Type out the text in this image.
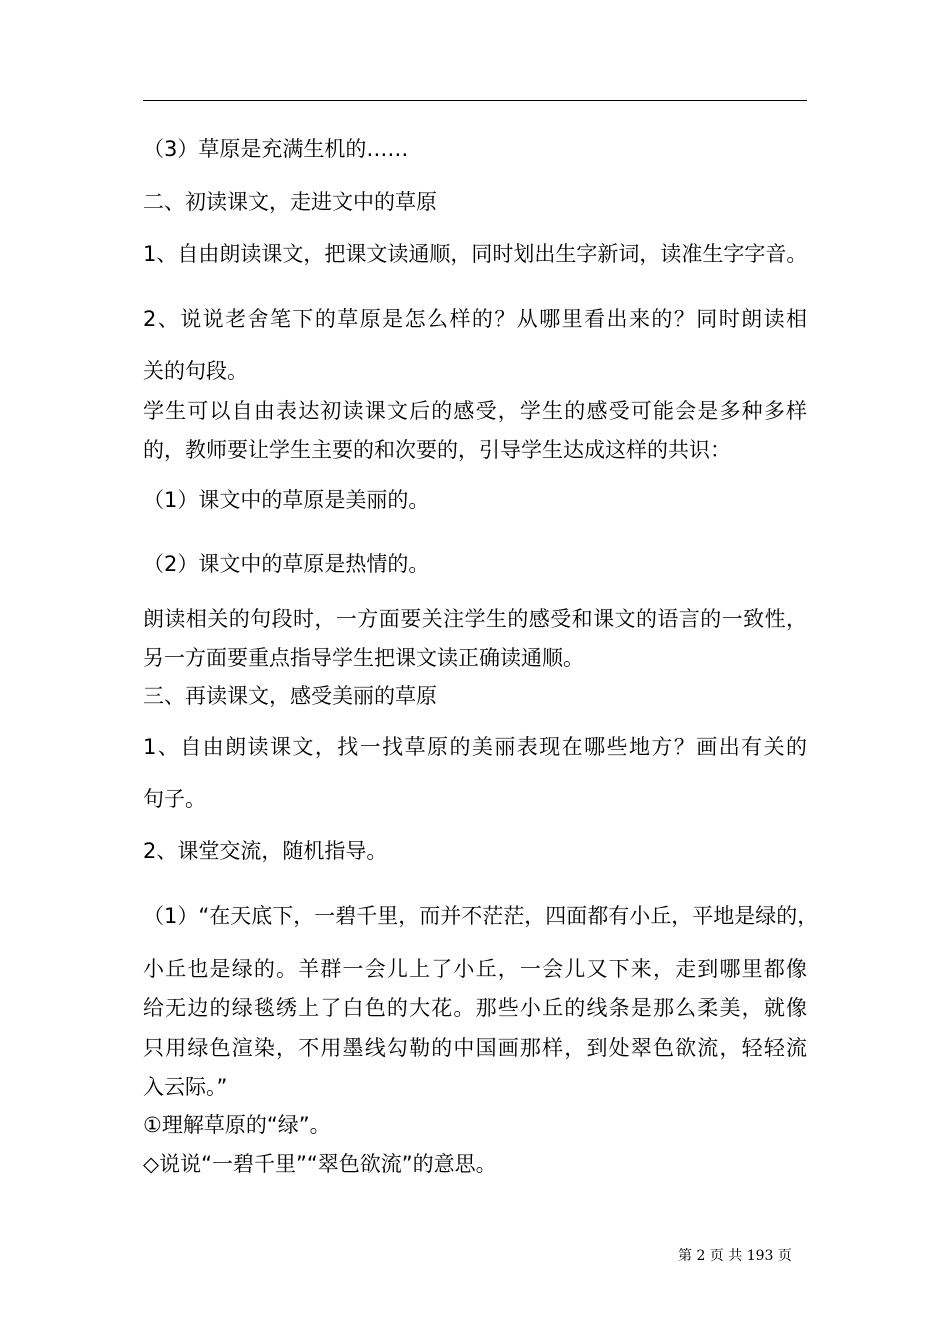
（3）草原是充满生机的……
二、初读课文，走进文中的草原
1、自由朗读课文，把课文读通顺，同时划出生字新词，读准生字字音。
2、说说老舍笔下的草原是怎么样的？从哪里看出来的？同时朗读相
关的句段。
学生可以自由表达初读课文后的感受，学生的感受可能会是多种多样
的，教师要让学生主要的和次要的，引导学生达成这样的共识：
（1）课文中的草原是美丽的。
（2）课文中的草原是热情的。
朗读相关的句段时，一方面要关注学生的感受和课文的语言的一致性，
另一方面要重点指导学生把课文读正确读通顺。
三、再读课文，感受美丽的草原
1、自由朗读课文，找一找草原的美丽表现在哪些地方？画出有关的
句子。
2、课堂交流，随机指导。
（1）“在天底下，一碧千里，而并不茫茫，四面都有小丘，平地是绿的，
小丘也是绿的。羊群一会儿上了小丘，一会儿又下来，走到哪里都像
给无边的绿毯绣上了白色的大花。那些小丘的线条是那么柔美，就像
只用绿色渲染，不用墨线勾勒的中国画那样，到处翠色欲流，轻轻流
入云际。”
①理解草原的“绿”。
◇说说“一碧千里”“翠色欲流”的意思。
第 2 页 共 193 页
